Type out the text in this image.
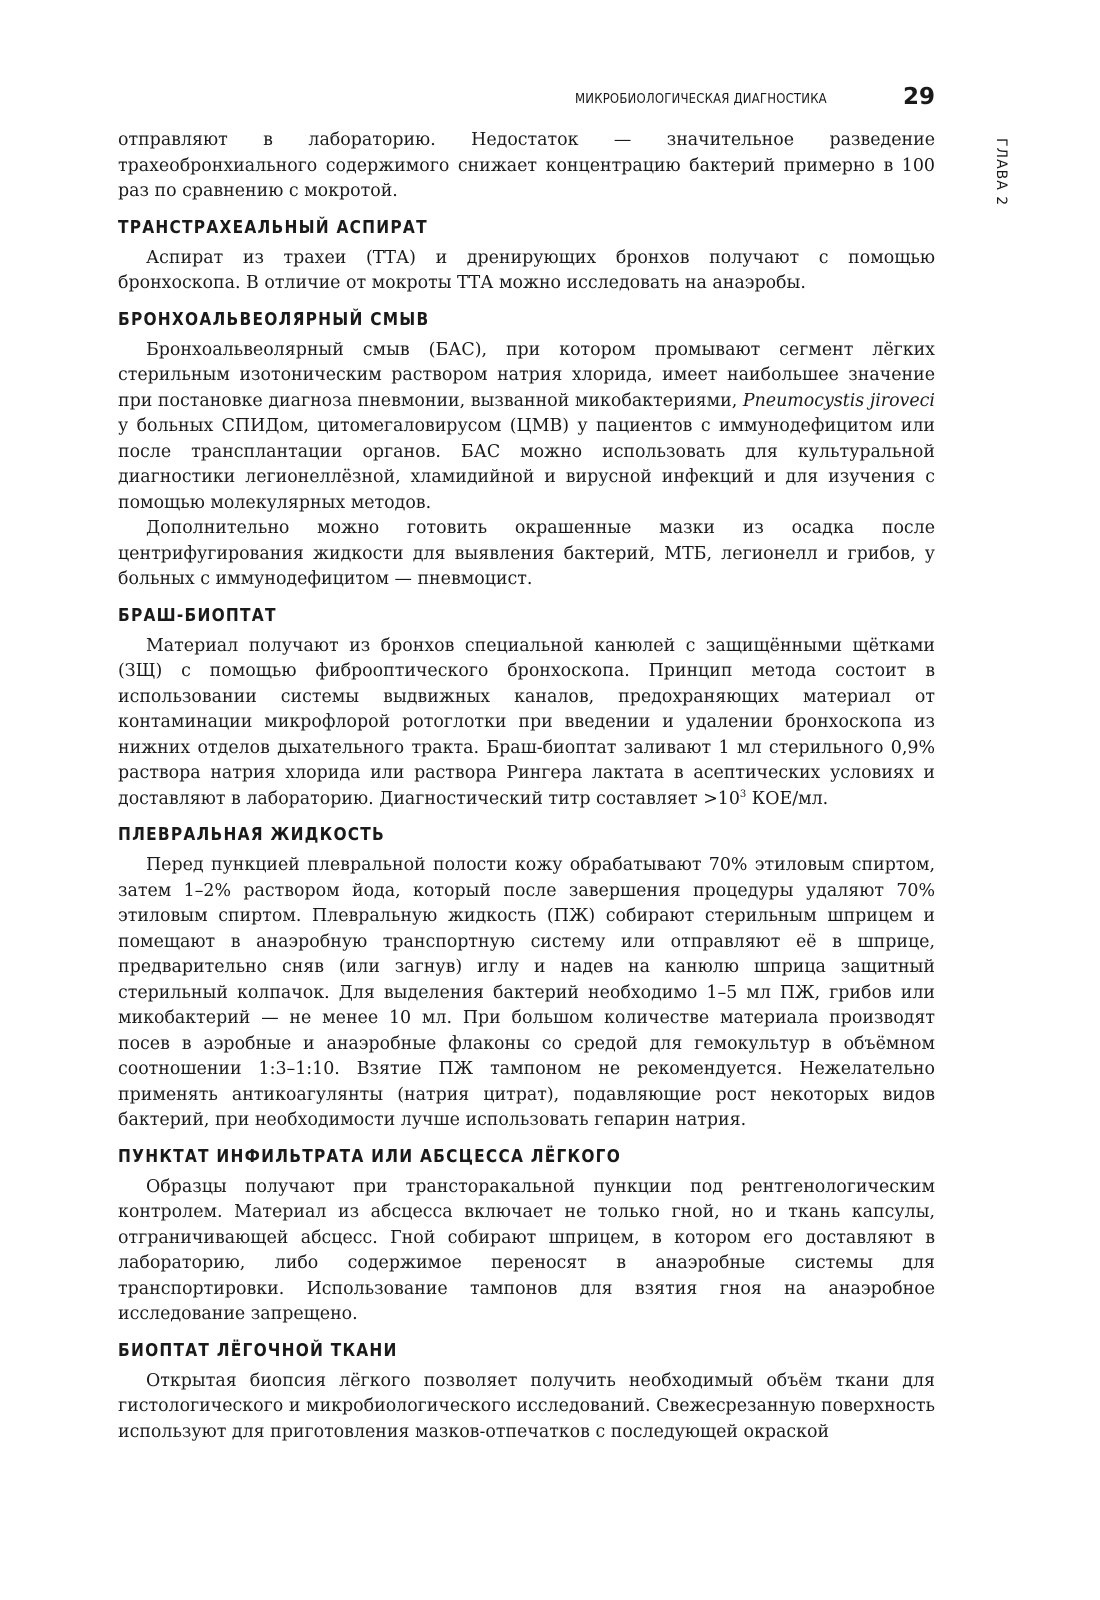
МИКРОБИОЛОГИЧЕСКАЯ ДИАГНОСТИКА	29
ГЛАВА 2

отправляют в лабораторию. Недостаток — значительное разведение трахеобронхиального содержимого снижает концентрацию бактерий примерно в 100 раз по сравнению с мокротой.

ТРАНСТРАХЕАЛЬНЫЙ АСПИРАТ

Аспират из трахеи (ТТА) и дренирующих бронхов получают с помощью бронхоскопа. В отличие от мокроты ТТА можно исследовать на анаэробы.

БРОНХОАЛЬВЕОЛЯРНЫЙ СМЫВ

Бронхоальвеолярный смыв (БАС), при котором промывают сегмент лёгких стерильным изотоническим раствором натрия хлорида, имеет наибольшее значение при постановке диагноза пневмонии, вызванной микобактериями, Pneumocystis jiroveci у больных СПИДом, цитомегаловирусом (ЦМВ) у пациентов с иммунодефицитом или после трансплантации органов. БАС можно использовать для культуральной диагностики легионеллёзной, хламидийной и вирусной инфекций и для изучения с помощью молекулярных методов.

Дополнительно можно готовить окрашенные мазки из осадка после центрифугирования жидкости для выявления бактерий, МТБ, легионелл и грибов, у больных с иммунодефицитом — пневмоцист.

БРАШ-БИОПТАТ

Материал получают из бронхов специальной канюлей с защищёнными щётками (ЗЩ) с помощью фиброоптического бронхоскопа. Принцип метода состоит в использовании системы выдвижных каналов, предохраняющих материал от контаминации микрофлорой ротоглотки при введении и удалении бронхоскопа из нижних отделов дыхательного тракта. Браш-биоптат заливают 1 мл стерильного 0,9% раствора натрия хлорида или раствора Рингера лактата в асептических условиях и доставляют в лабораторию. Диагностический титр составляет $>10^3$ КОЕ/мл.

ПЛЕВРАЛЬНАЯ ЖИДКОСТЬ

Перед пункцией плевральной полости кожу обрабатывают 70% этиловым спиртом, затем 1–2% раствором йода, который после завершения процедуры удаляют 70% этиловым спиртом. Плевральную жидкость (ПЖ) собирают стерильным шприцем и помещают в анаэробную транспортную систему или отправляют её в шприце, предварительно сняв (или загнув) иглу и надев на канюлю шприца защитный стерильный колпачок. Для выделения бактерий необходимо 1–5 мл ПЖ, грибов или микобактерий — не менее 10 мл. При большом количестве материала производят посев в аэробные и анаэробные флаконы со средой для гемокультур в объёмном соотношении 1:3–1:10. Взятие ПЖ тампоном не рекомендуется. Нежелательно применять антикоагулянты (натрия цитрат), подавляющие рост некоторых видов бактерий, при необходимости лучше использовать гепарин натрия.

ПУНКТАТ ИНФИЛЬТРАТА ИЛИ АБСЦЕССА ЛЁГКОГО

Образцы получают при трансторакальной пункции под рентгенологическим контролем. Материал из абсцесса включает не только гной, но и ткань капсулы, отграничивающей абсцесс. Гной собирают шприцем, в котором его доставляют в лабораторию, либо содержимое переносят в анаэробные системы для транспортировки. Использование тампонов для взятия гноя на анаэробное исследование запрещено.

БИОПТАТ ЛЁГОЧНОЙ ТКАНИ

Открытая биопсия лёгкого позволяет получить необходимый объём ткани для гистологического и микробиологического исследований. Свежесрезанную поверхность используют для приготовления мазков-отпечатков с последующей окраской
